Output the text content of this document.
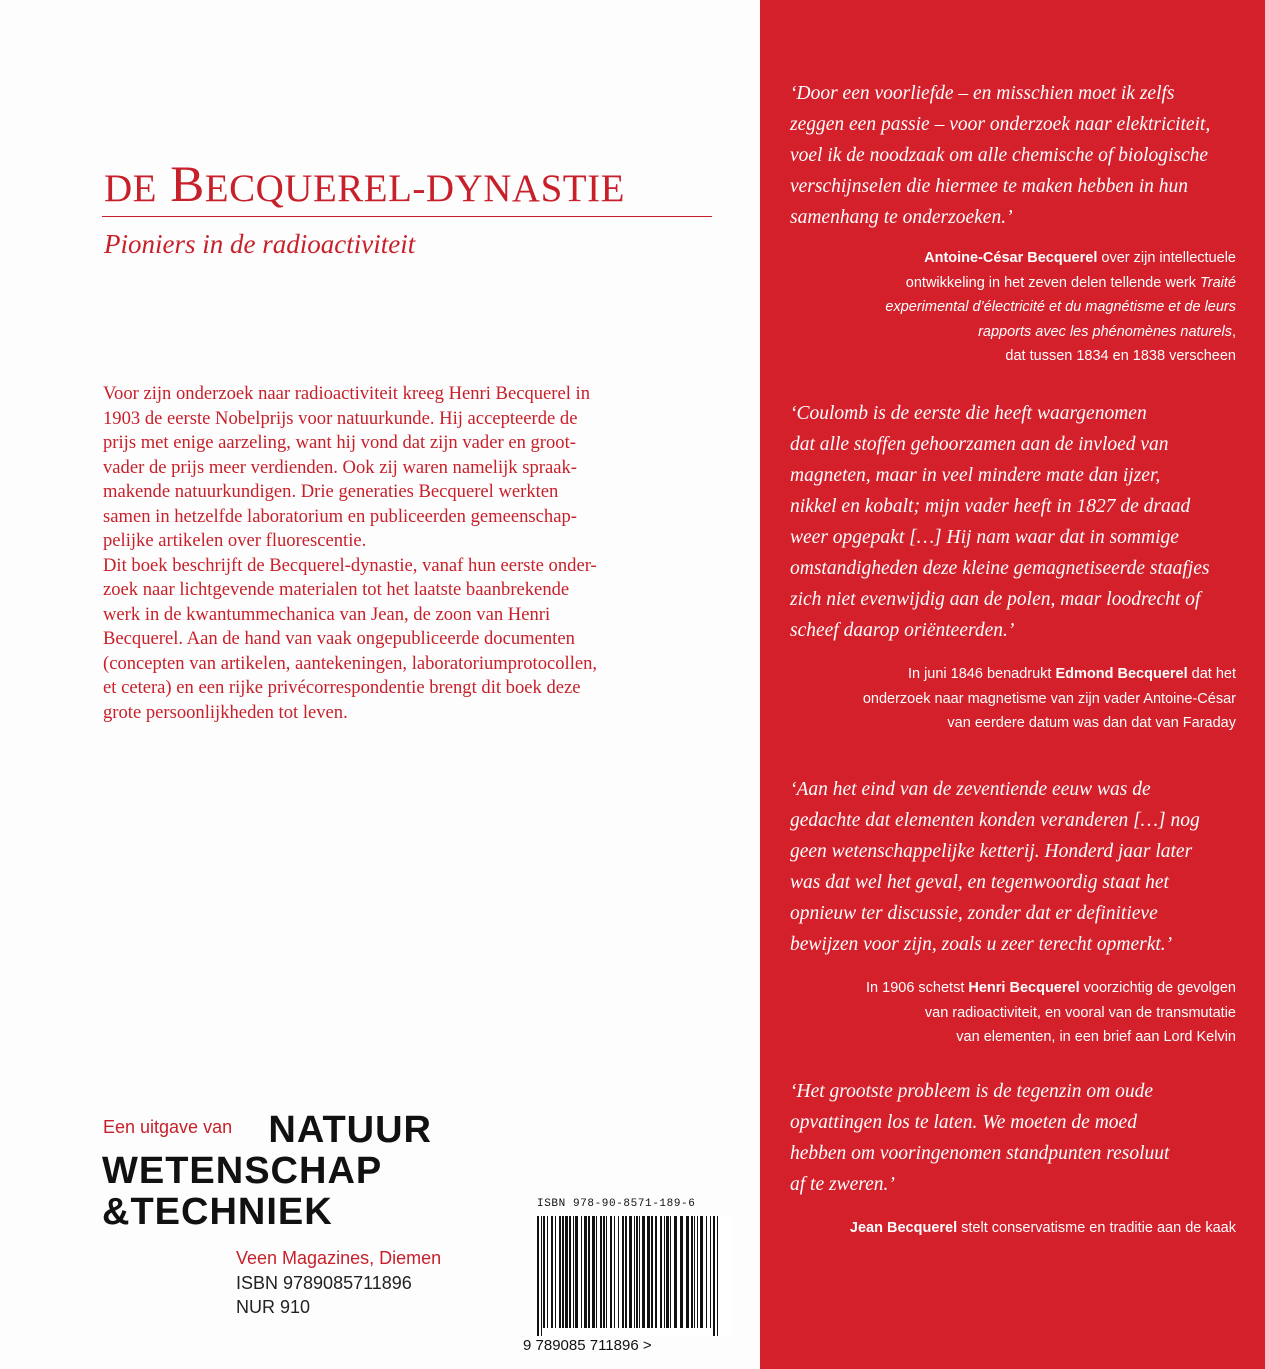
DE BECQUEREL-DYNASTIE
Pioniers in de radioactiviteit

Voor zijn onderzoek naar radioactiviteit kreeg Henri Becquerel in

1903 de eerste Nobelprijs voor natuurkunde. Hij accepteerde de

prijs met enige aarzeling, want hij vond dat zijn vader en groot-

vader de prijs meer verdienden. Ook zij waren namelijk spraak-

makende natuurkundigen. Drie generaties Becquerel werkten

samen in hetzelfde laboratorium en publiceerden gemeenschap-

pelijke artikelen over fluorescentie.

Dit boek beschrijft de Becquerel-dynastie, vanaf hun eerste onder-

zoek naar lichtgevende materialen tot het laatste baanbrekende

werk in de kwantummechanica van Jean, de zoon van Henri

Becquerel. Aan de hand van vaak ongepubliceerde documenten

(concepten van artikelen, aantekeningen, laboratoriumprotocollen,

et cetera) en een rijke privécorrespondentie brengt dit boek deze

grote persoonlijkheden tot leven.

Een uitgave van NATUUR
WETENSCHAP
&TECHNIEK
Veen Magazines, Diemen
ISBN 9789085711896
NUR 910
ISBN 978-90-8571-189-6
9 789085 711896 >
‘Door een voorliefde – en misschien moet ik zelfs
zeggen een passie – voor onderzoek naar elektriciteit,
voel ik de noodzaak om alle chemische of biologische
verschijnselen die hiermee te maken hebben in hun
samenhang te onderzoeken.’
Antoine-César Becquerel over zijn intellectuele
ontwikkeling in het zeven delen tellende werk Traité
experimental d’électricité et du magnétisme et de leurs
rapports avec les phénomènes naturels,
dat tussen 1834 en 1838 verscheen
‘Coulomb is de eerste die heeft waargenomen
dat alle stoffen gehoorzamen aan de invloed van
magneten, maar in veel mindere mate dan ijzer,
nikkel en kobalt; mijn vader heeft in 1827 de draad
weer opgepakt […] Hij nam waar dat in sommige
omstandigheden deze kleine gemagnetiseerde staafjes
zich niet evenwijdig aan de polen, maar loodrecht of
scheef daarop oriënteerden.’
In juni 1846 benadrukt Edmond Becquerel dat het
onderzoek naar magnetisme van zijn vader Antoine-César
van eerdere datum was dan dat van Faraday
‘Aan het eind van de zeventiende eeuw was de
gedachte dat elementen konden veranderen […] nog
geen wetenschappelijke ketterij. Honderd jaar later
was dat wel het geval, en tegenwoordig staat het
opnieuw ter discussie, zonder dat er definitieve
bewijzen voor zijn, zoals u zeer terecht opmerkt.’
In 1906 schetst Henri Becquerel voorzichtig de gevolgen
van radioactiviteit, en vooral van de transmutatie
van elementen, in een brief aan Lord Kelvin
‘Het grootste probleem is de tegenzin om oude
opvattingen los te laten. We moeten de moed
hebben om vooringenomen standpunten resoluut
af te zweren.’
Jean Becquerel stelt conservatisme en traditie aan de kaak
